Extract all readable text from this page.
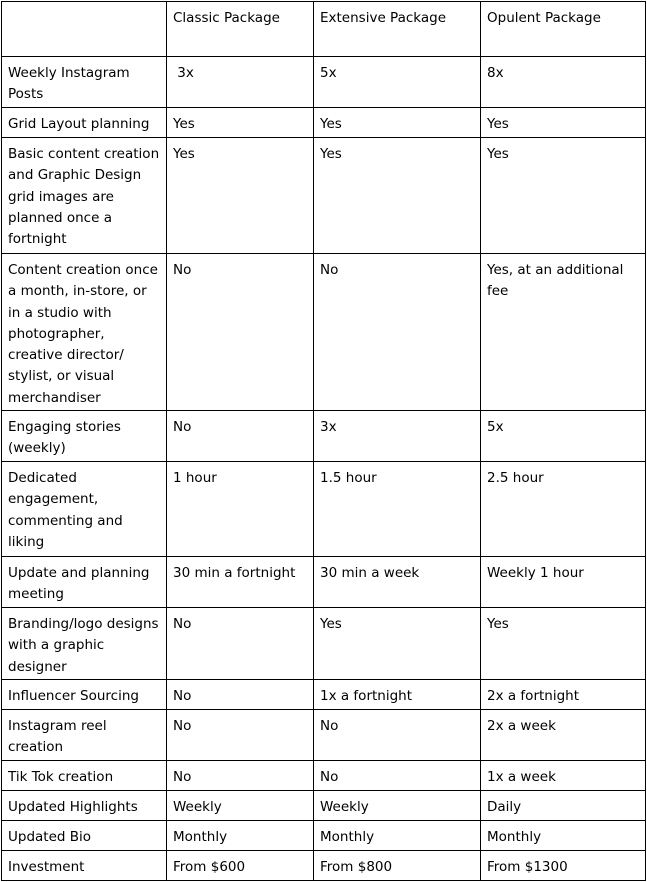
	Classic Package	Extensive Package	Opulent Package
Weekly Instagram Posts	3x	5x	8x
Grid Layout planning	Yes	Yes	Yes
Basic content creation and Graphic Design grid images are planned once a fortnight	Yes	Yes	Yes
Content creation once a month, in-store, or in a studio with photographer, creative director/ stylist, or visual merchandiser	No	No	Yes, at an additional fee
Engaging stories (weekly)	No	3x	5x
Dedicated engagement, commenting and liking	1 hour	1.5 hour	2.5 hour
Update and planning meeting	30 min a fortnight	30 min a week	Weekly 1 hour
Branding/logo designs with a graphic designer	No	Yes	Yes
Influencer Sourcing	No	1x a fortnight	2x a fortnight
Instagram reel creation	No	No	2x a week
Tik Tok creation	No	No	1x a week
Updated Highlights	Weekly	Weekly	Daily
Updated Bio	Monthly	Monthly	Monthly
Investment	From $600	From $800	From $1300
